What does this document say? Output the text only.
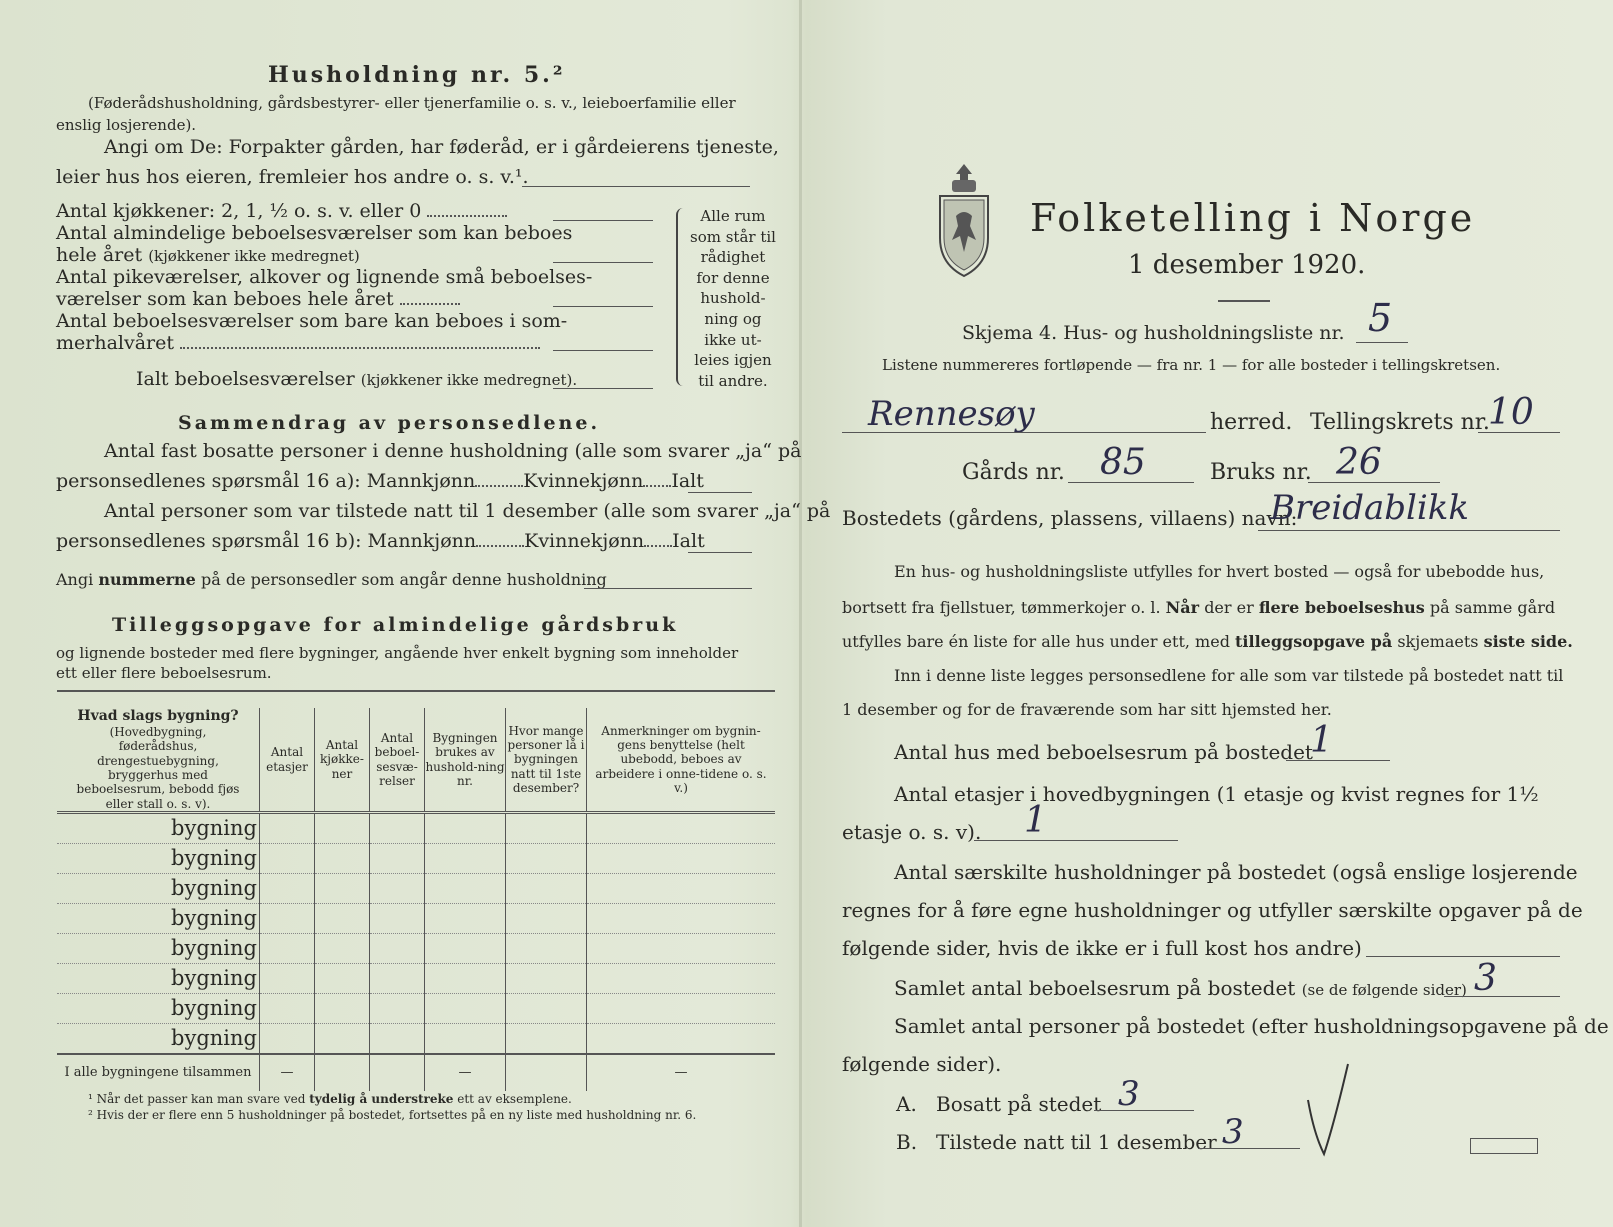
Husholdning nr. 5.²
(Føderådshusholdning, gårdsbestyrer- eller tjenerfamilie o. s. v., leieboerfamilie eller
enslig losjerende).
Angi om De: Forpakter gården, har føderåd, er i gårdeierens tjeneste,
leier hus hos eieren, fremleier hos andre o. s. v.¹.
Antal kjøkkener: 2, 1, ½ o. s. v. eller 0
Antal almindelige beboelsesværelser som kan beboes
hele året (kjøkkener ikke medregnet)
Antal pikeværelser, alkover og lignende små beboelses-
værelser som kan beboes hele året
Antal beboelsesværelser som bare kan beboes i som-
merhalvåret
Ialt beboelsesværelser (kjøkkener ikke medregnet).
Alle rum
som står til
rådighet
for denne
hushold-
ning og
ikke ut-
leies igjen
til andre.
Sammendrag av personsedlene.
Antal fast bosatte personer i denne husholdning (alle som svarer „ja“ på
personsedlenes spørsmål 16 a): Mannkjønn	Kvinnekjønn Ialt
Antal personer som var tilstede natt til 1 desember (alle som svarer „ja“ på
personsedlenes spørsmål 16 b): Mannkjønn	Kvinnekjønn Ialt
Angi nummerne på de personsedler som angår denne husholdning
Tilleggsopgave for almindelige gårdsbruk
og lignende bosteder med flere bygninger, angående hver enkelt bygning som inneholder
ett eller flere beboelsesrum.
Hvad slags bygning?
(Hovedbygning, føderådshus, drengestuebygning, bryggerhus med beboelsesrum, bebodd fjøs eller stall o. s. v).	Antal etasjer	Antal kjøkke-ner	Antal beboel-sesvæ-relser	Bygningen brukes av hushold-ning nr.	Hvor mange personer lå i bygningen natt til 1ste desember?	Anmerkninger om bygnin-gens benyttelse (helt ubebodd, beboes av arbeidere i onne-tidene o. s. v.)
bygning						
bygning						
bygning						
bygning						
bygning						
bygning						
bygning						
bygning						
I alle bygningene tilsammen	—			—		—
¹ Når det passer kan man svare ved tydelig å understreke ett av eksemplene.
² Hvis der er flere enn 5 husholdninger på bostedet, fortsettes på en ny liste med husholdning nr. 6.
Folketelling i Norge
1 desember 1920.
Skjema 4. Hus- og husholdningsliste nr. 5
Listene nummereres fortløpende — fra nr. 1 — for alle bosteder i tellingskretsen.
Rennesøy	herred. Tellingskrets nr.
10
Gårds nr. 85	Bruks nr. 26
Bostedets (gårdens, plassens, villaens) navn:
Breidablikk
En hus- og husholdningsliste utfylles for hvert bosted — også for ubebodde hus,
bortsett fra fjellstuer, tømmerkojer o. l. Når der er flere beboelseshus på samme gård
utfylles bare én liste for alle hus under ett, med tilleggsopgave på skjemaets siste side.
Inn i denne liste legges personsedlene for alle som var tilstede på bostedet natt til
1 desember og for de fraværende som har sitt hjemsted her.
Antal hus med beboelsesrum på bostedet
1
Antal etasjer i hovedbygningen (1 etasje og kvist regnes for 1½
etasje o. s. v). 1
Antal særskilte husholdninger på bostedet (også enslige losjerende
regnes for å føre egne husholdninger og utfyller særskilte opgaver på de
følgende sider, hvis de ikke er i full kost hos andre)
Samlet antal beboelsesrum på bostedet (se de følgende sider) 3
Samlet antal personer på bostedet (efter husholdningsopgavene på de
følgende sider).
A. Bosatt på stedet 3
B. Tilstede natt til 1 desember 3
